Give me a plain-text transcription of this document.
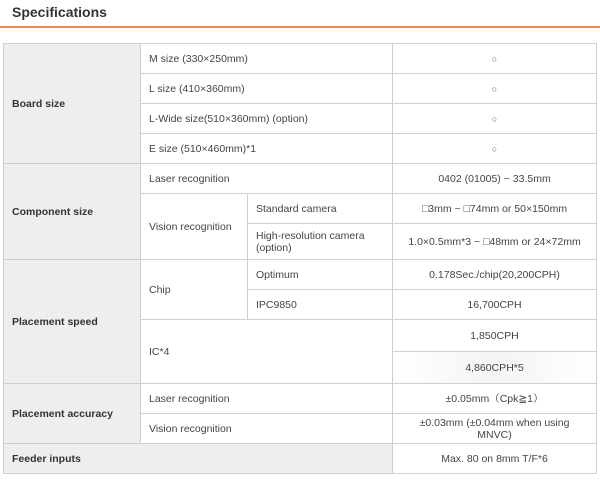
Specifications
Board size	M size (330×250mm)		○
	L size (410×360mm)		○
	L-Wide size(510×360mm) (option)		○
	E size (510×460mm)*1		○
Component size	Laser recognition		0402 (01005) ~ 33.5mm
	Vision recognition	Standard camera	□3mm ~ □74mm or 50×150mm
		High-resolution camera (option)	1.0×0.5mm*3 ~ □48mm or 24×72mm
Placement speed	Chip	Optimum	0.178Sec./chip(20,200CPH)
		IPC9850	16,700CPH
	IC*4		1,850CPH
			4,860CPH*5
Placement accuracy	Laser recognition		±0.05mm（Cpk≧1）
	Vision recognition		±0.03mm (±0.04mm when using MNVC)
Feeder inputs			Max. 80 on 8mm T/F*6
